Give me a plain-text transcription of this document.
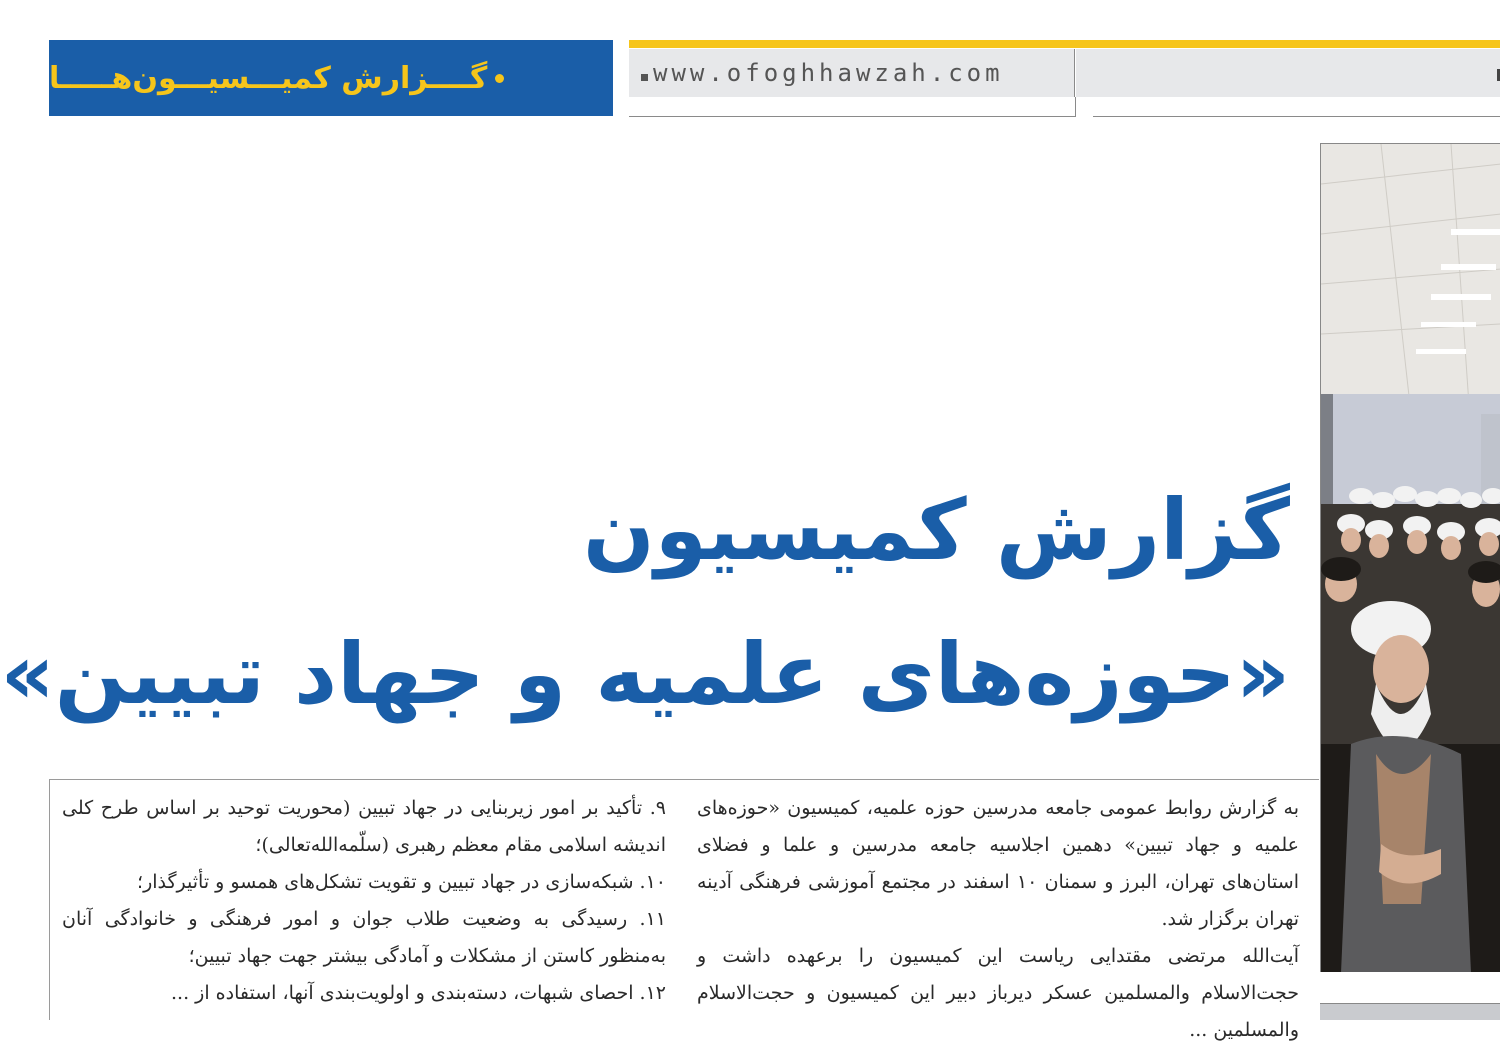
گــــزارش کمیـــسیـــون‌هـــــا	www.ofoghhawzah.com
گزارش کمیسیون
«حوزه‌های علمیه و جهاد تبیین»

به گزارش روابط عمومی جامعه مدرسین حوزه علمیه، کمیسیون «حوزه‌های علمیه و جهاد تبیین» دهمین اجلاسیه جامعه مدرسین و علما و فضلای استان‌های تهران، البرز و سمنان ۱۰ اسفند در مجتمع آموزشی فرهنگی آدینه تهران برگزار شد.

آیت‌الله مرتضی مقتدایی ریاست این کمیسیون را برعهده داشت و حجت‌الاسلام والمسلمین عسکر دیرباز دبیر این کمیسیون و حجت‌الاسلام والمسلمین ...

۹. تأکید بر امور زیربنایی در جهاد تبیین (محوریت توحید بر اساس طرح کلی اندیشه اسلامی مقام معظم رهبری (سلّمه‌الله‌تعالی)؛

۱۰. شبکه‌سازی در جهاد تبیین و تقویت تشکل‌های همسو و تأثیرگذار؛

۱۱. رسیدگی به وضعیت طلاب جوان و امور فرهنگی و خانوادگی آنان به‌منظور کاستن از مشکلات و آمادگی بیشتر جهت جهاد تبیین؛

۱۲. احصای شبهات، دسته‌بندی و اولویت‌بندی آنها، استفاده از ...
